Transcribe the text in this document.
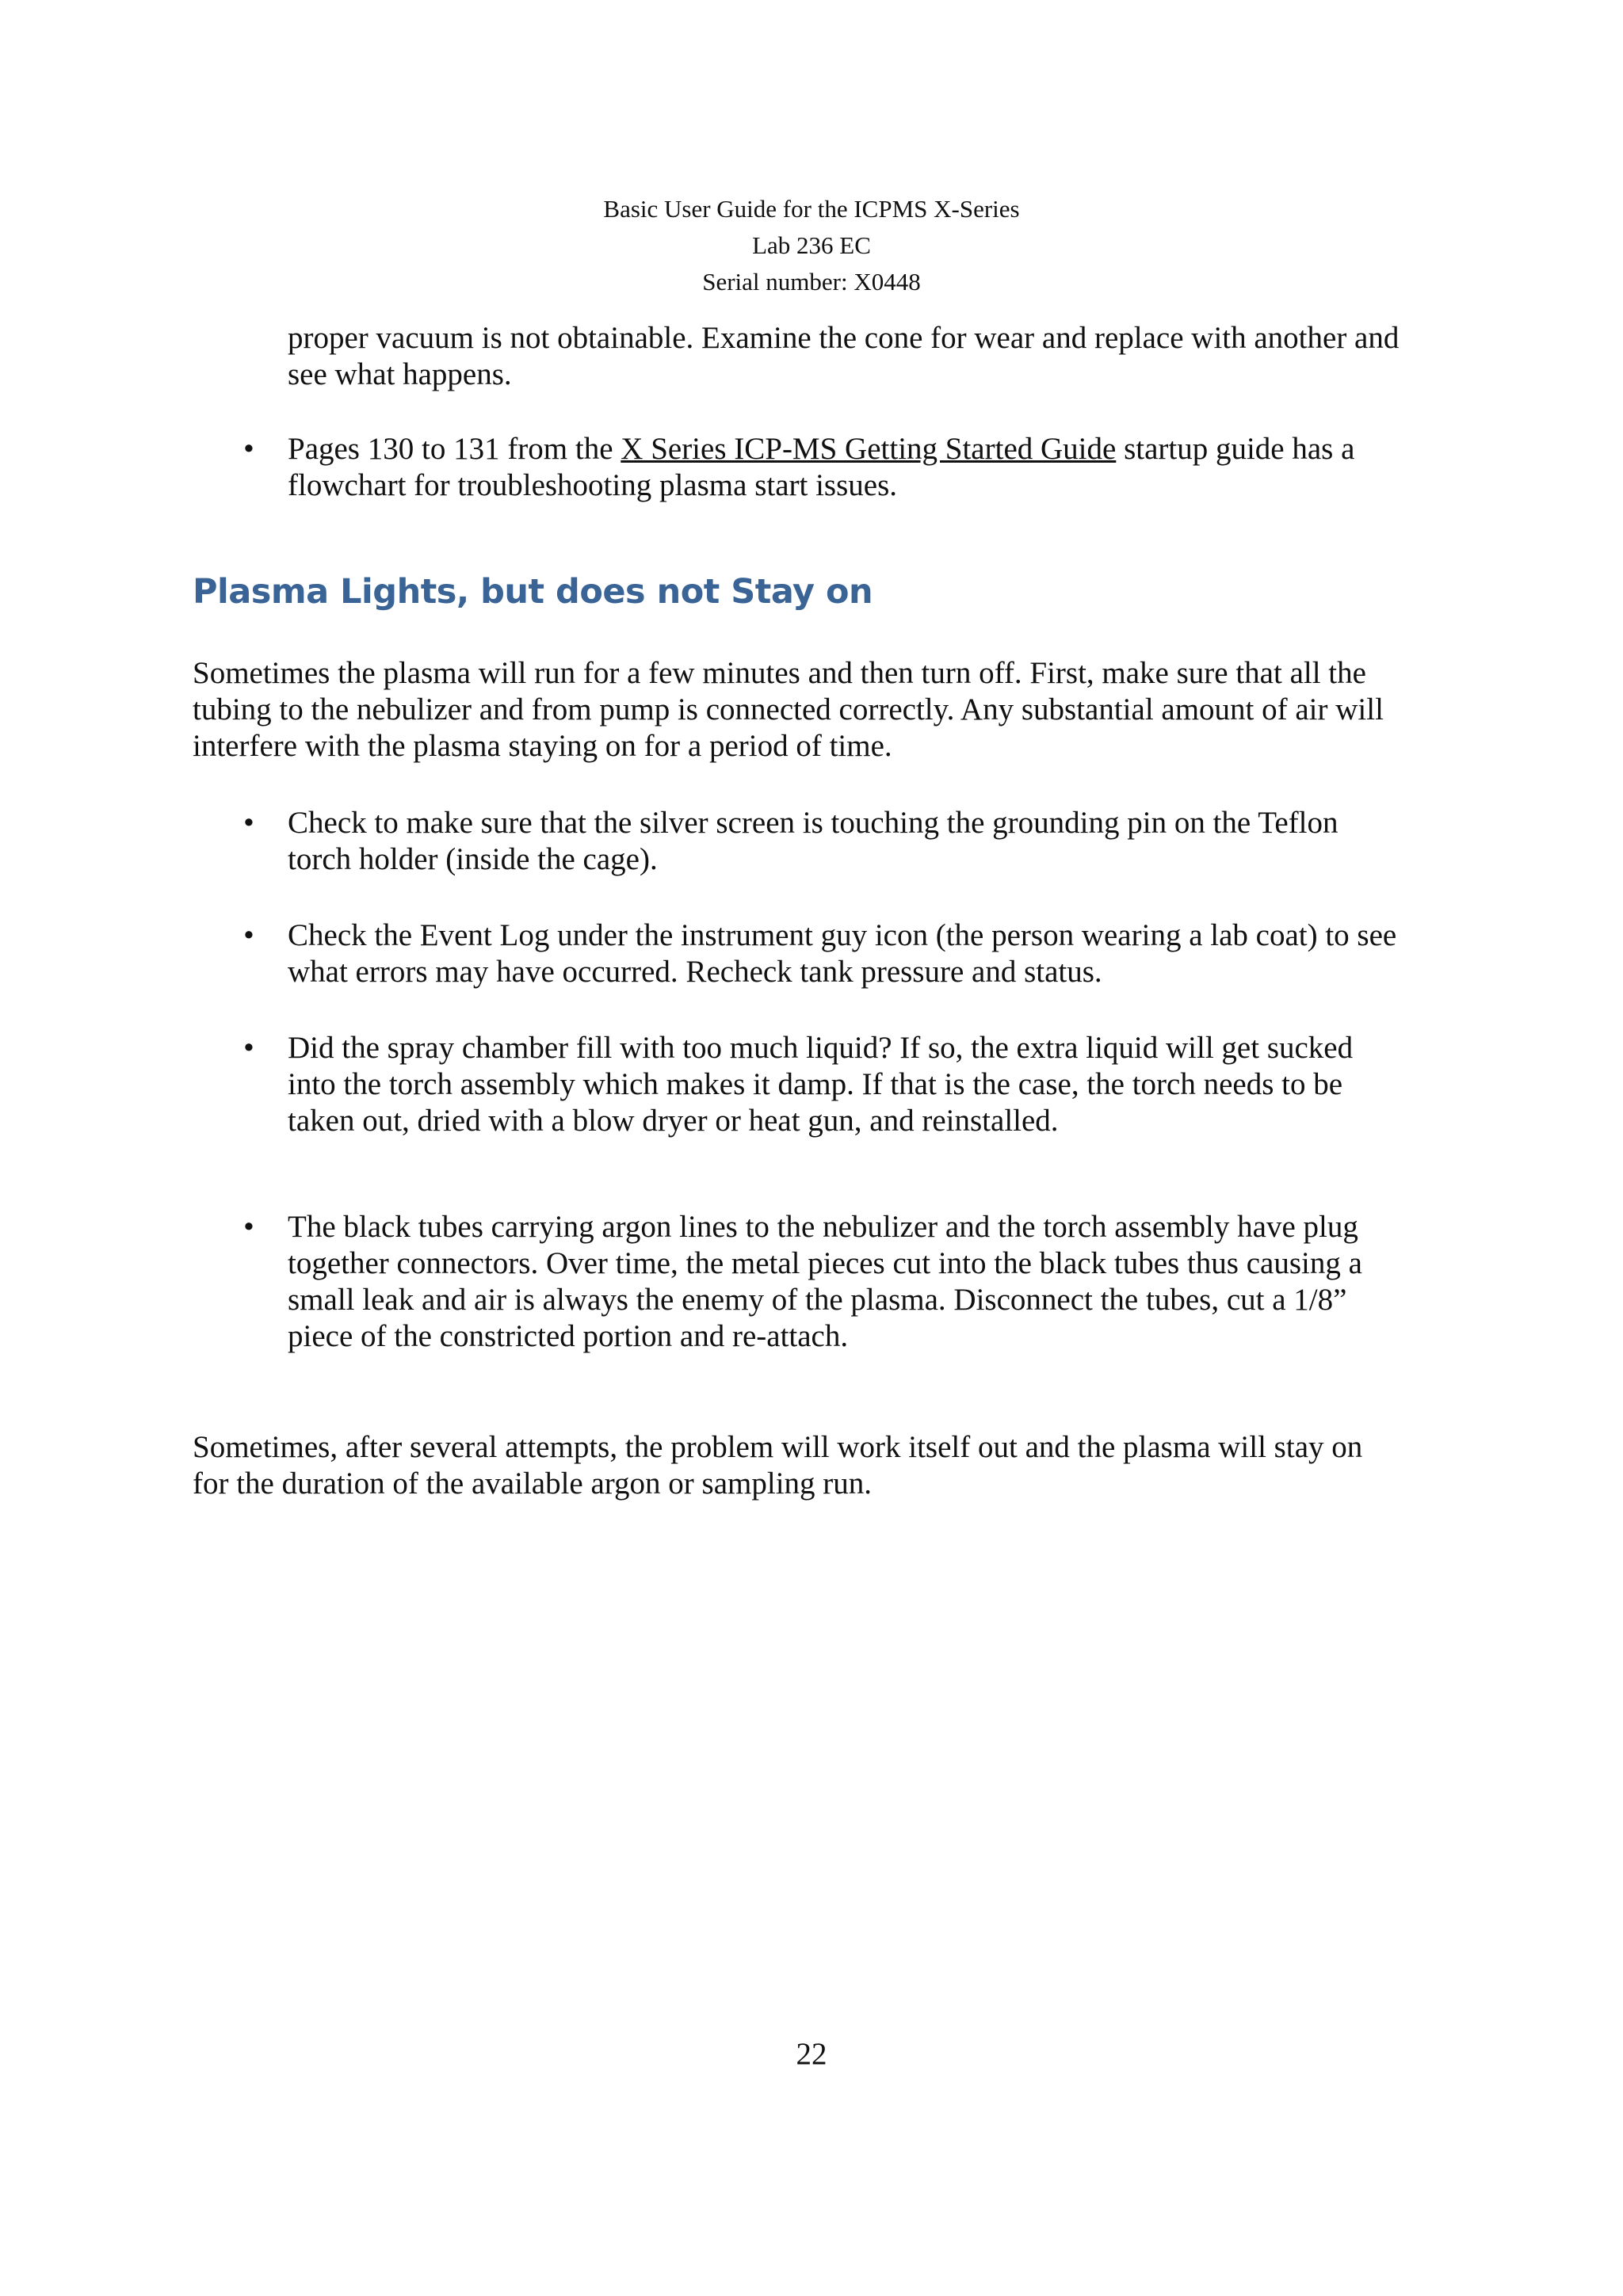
Basic User Guide for the ICPMS X-Series
Lab 236 EC
Serial number: X0448
proper vacuum is not obtainable. Examine the cone for wear and replace with another and
see what happens.
• Pages 130 to 131 from the X Series ICP-MS Getting Started Guide startup guide has a
flowchart for troubleshooting plasma start issues.
Plasma Lights, but does not Stay on
Sometimes the plasma will run for a few minutes and then turn off. First, make sure that all the
tubing to the nebulizer and from pump is connected correctly. Any substantial amount of air will
interfere with the plasma staying on for a period of time.
• Check to make sure that the silver screen is touching the grounding pin on the Teflon
torch holder (inside the cage).
• Check the Event Log under the instrument guy icon (the person wearing a lab coat) to see
what errors may have occurred. Recheck tank pressure and status.
• Did the spray chamber fill with too much liquid? If so, the extra liquid will get sucked
into the torch assembly which makes it damp. If that is the case, the torch needs to be
taken out, dried with a blow dryer or heat gun, and reinstalled.
• The black tubes carrying argon lines to the nebulizer and the torch assembly have plug
together connectors. Over time, the metal pieces cut into the black tubes thus causing a
small leak and air is always the enemy of the plasma. Disconnect the tubes, cut a 1/8”
piece of the constricted portion and re-attach.
Sometimes, after several attempts, the problem will work itself out and the plasma will stay on
for the duration of the available argon or sampling run.
22
